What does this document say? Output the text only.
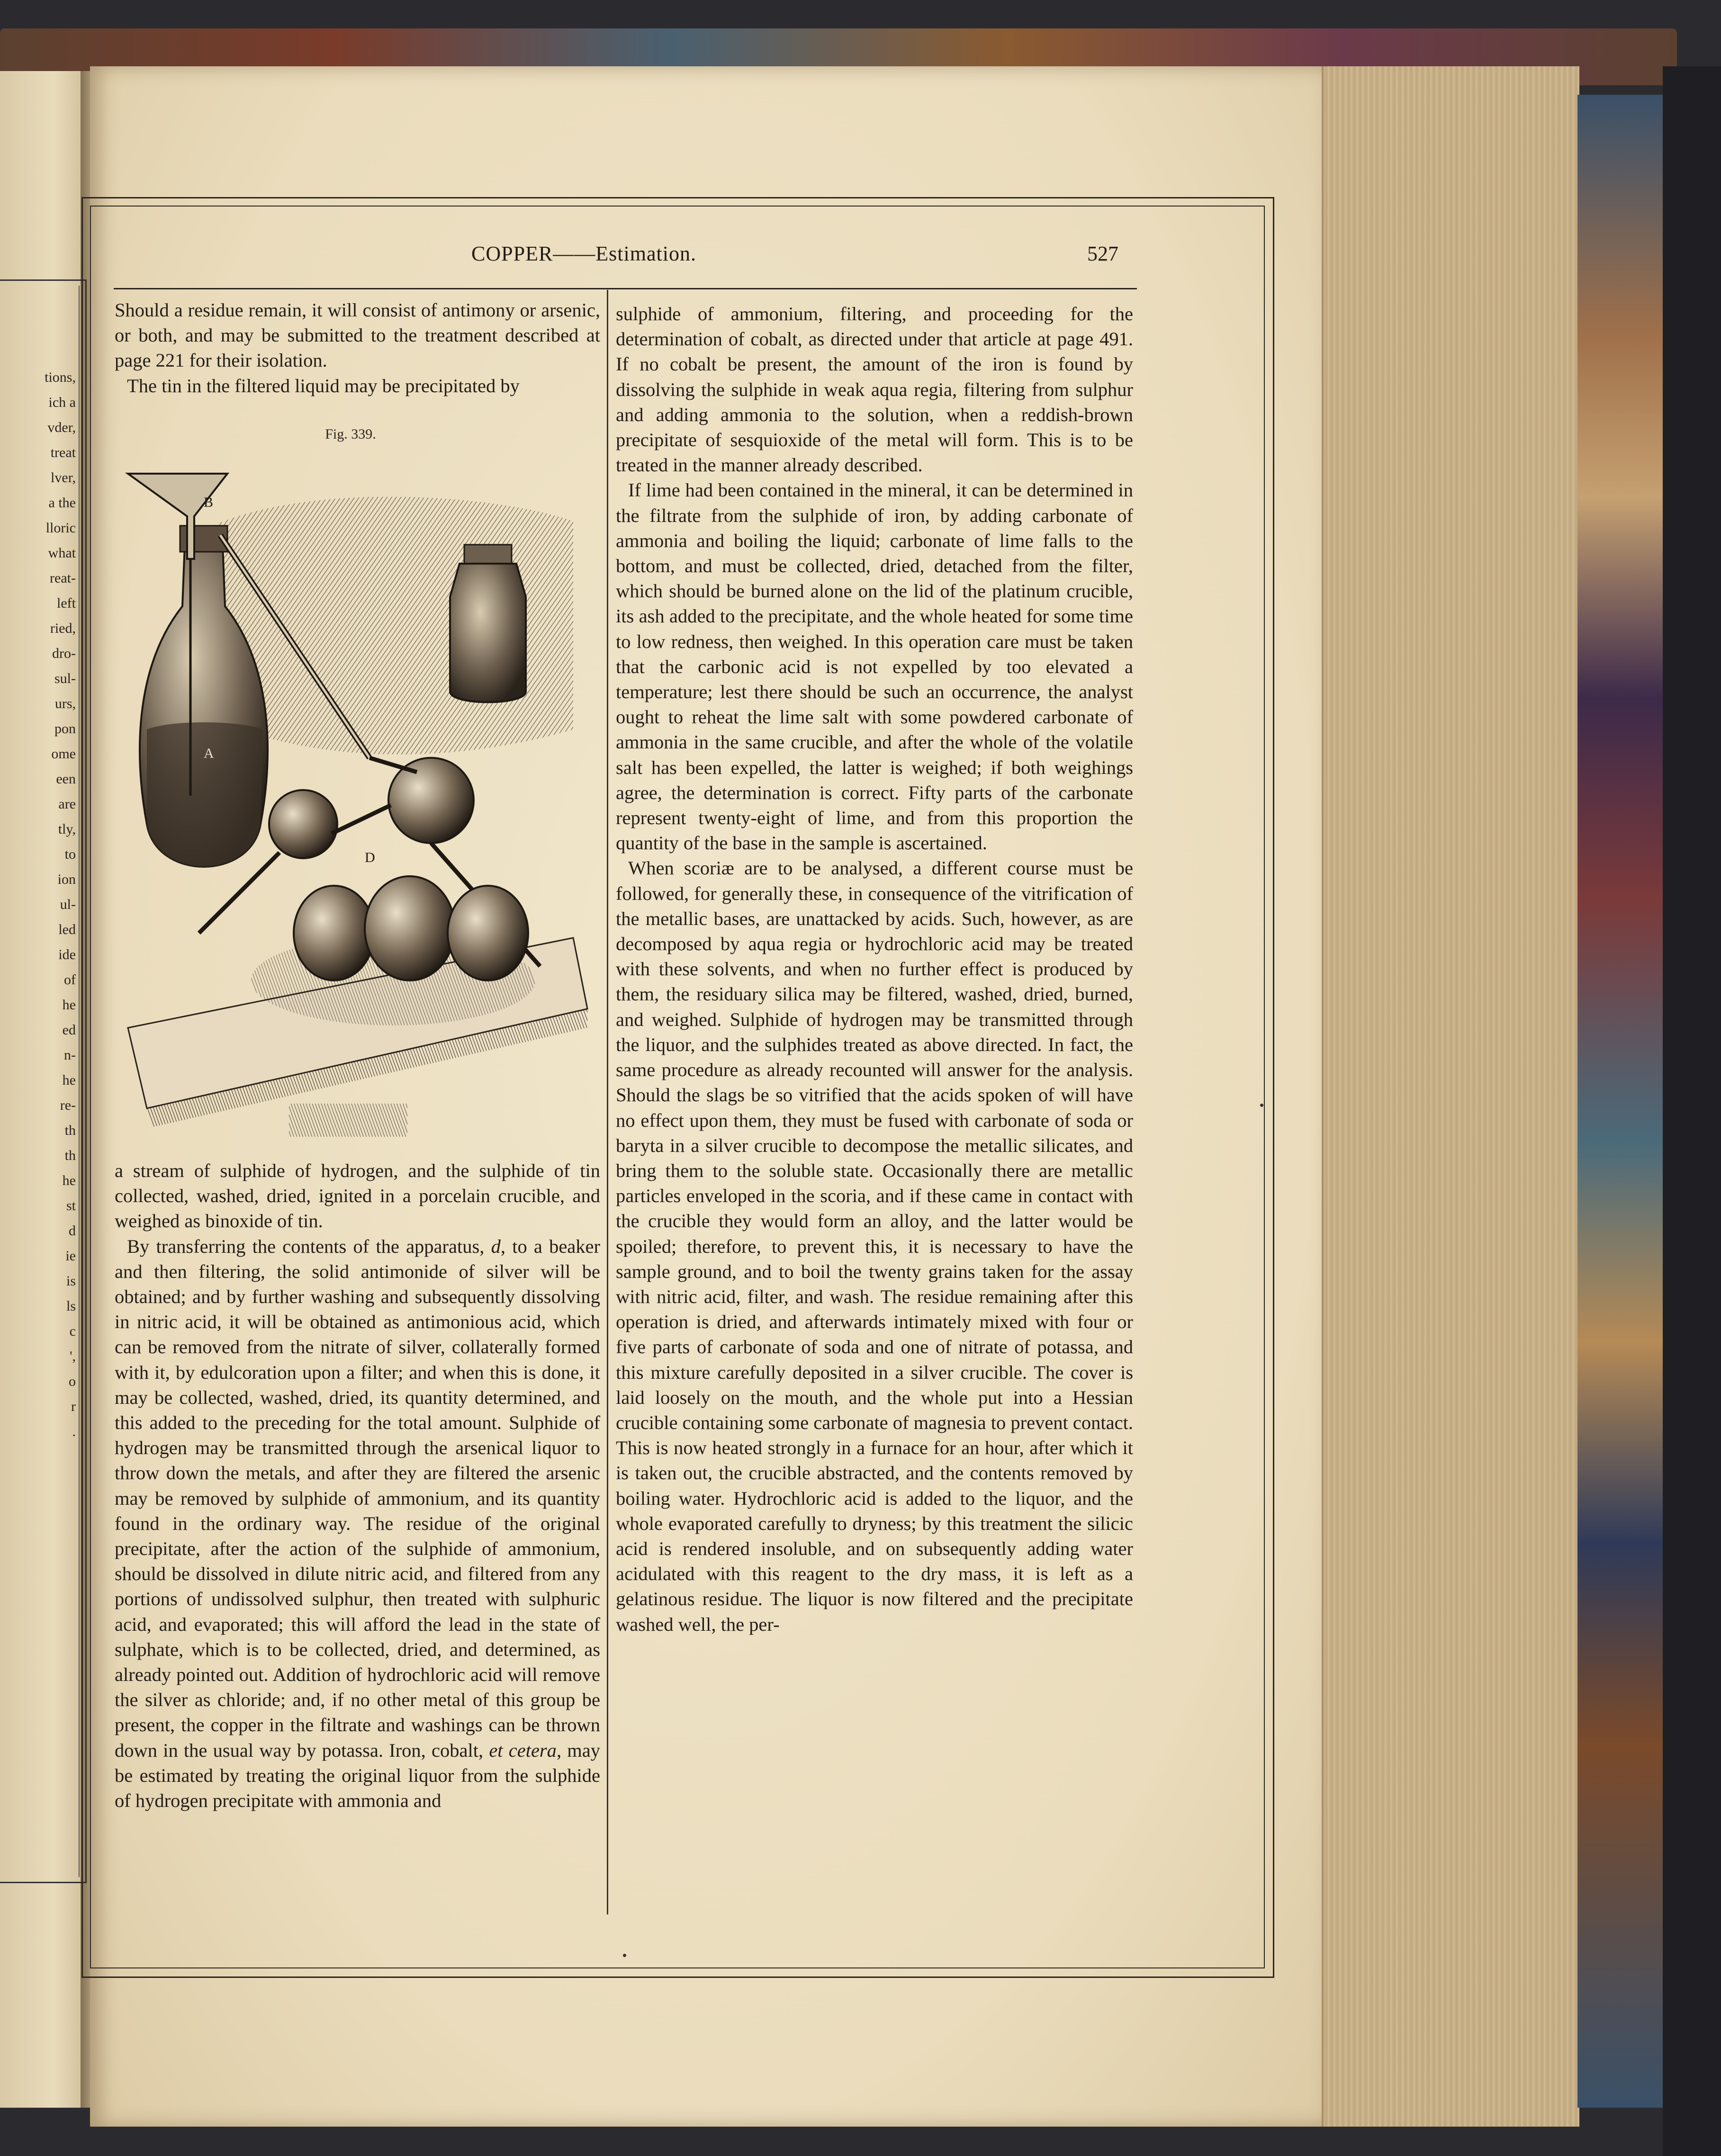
tions,
ich a
vder,
treat
lver,
a the
lloric
what
reat-
left
ried,
dro-
sul-
urs,
pon
ome
een
are
tly,
to
ion
ul-
led
ide
of
he
ed
n-
he
re-
th
th
he
st
d
ie
is
ls
c
',
o
r
.
COPPER——Estimation.	527

Should a residue remain, it will consist of antimony or arsenic, or both, and may be submitted to the treatment described at page 221 for their isolation.

The tin in the filtered liquid may be precipitated by

Fig. 339.
B
A
D

a stream of sulphide of hydrogen, and the sulphide of tin collected, washed, dried, ignited in a porcelain crucible, and weighed as binoxide of tin.

By transferring the contents of the apparatus, d, to a beaker and then filtering, the solid antimonide of silver will be obtained; and by further washing and subsequently dissolving in nitric acid, it will be obtained as antimonious acid, which can be removed from the nitrate of silver, collaterally formed with it, by edulcoration upon a filter; and when this is done, it may be collected, washed, dried, its quantity determined, and this added to the preceding for the total amount. Sulphide of hydrogen may be transmitted through the arsenical liquor to throw down the metals, and after they are filtered the arsenic may be removed by sulphide of ammonium, and its quantity found in the ordinary way. The residue of the original precipitate, after the action of the sulphide of ammonium, should be dissolved in dilute nitric acid, and filtered from any portions of undissolved sulphur, then treated with sulphuric acid, and evaporated; this will afford the lead in the state of sulphate, which is to be collected, dried, and determined, as already pointed out. Addition of hydrochloric acid will remove the silver as chloride; and, if no other metal of this group be present, the copper in the filtrate and washings can be thrown down in the usual way by potassa. Iron, cobalt, et cetera, may be estimated by treating the original liquor from the sulphide of hydrogen precipitate with ammonia and

sulphide of ammonium, filtering, and proceeding for the determination of cobalt, as directed under that article at page 491. If no cobalt be present, the amount of the iron is found by dissolving the sulphide in weak aqua regia, filtering from sulphur and adding ammonia to the solution, when a reddish-brown precipitate of sesquioxide of the metal will form. This is to be treated in the manner already described.

If lime had been contained in the mineral, it can be determined in the filtrate from the sulphide of iron, by adding carbonate of ammonia and boiling the liquid; carbonate of lime falls to the bottom, and must be collected, dried, detached from the filter, which should be burned alone on the lid of the platinum crucible, its ash added to the precipitate, and the whole heated for some time to low redness, then weighed. In this operation care must be taken that the carbonic acid is not expelled by too elevated a temperature; lest there should be such an occurrence, the analyst ought to reheat the lime salt with some powdered carbonate of ammonia in the same crucible, and after the whole of the volatile salt has been expelled, the latter is weighed; if both weighings agree, the determination is correct. Fifty parts of the carbonate represent twenty-eight of lime, and from this proportion the quantity of the base in the sample is ascertained.

When scoriæ are to be analysed, a different course must be followed, for generally these, in consequence of the vitrification of the metallic bases, are unattacked by acids. Such, however, as are decomposed by aqua regia or hydrochloric acid may be treated with these solvents, and when no further effect is produced by them, the residuary silica may be filtered, washed, dried, burned, and weighed. Sulphide of hydrogen may be transmitted through the liquor, and the sulphides treated as above directed. In fact, the same procedure as already recounted will answer for the analysis. Should the slags be so vitrified that the acids spoken of will have no effect upon them, they must be fused with carbonate of soda or baryta in a silver crucible to decompose the metallic silicates, and bring them to the soluble state. Occasionally there are metallic particles enveloped in the scoria, and if these came in contact with the crucible they would form an alloy, and the latter would be spoiled; therefore, to prevent this, it is necessary to have the sample ground, and to boil the twenty grains taken for the assay with nitric acid, filter, and wash. The residue remaining after this operation is dried, and afterwards intimately mixed with four or five parts of carbonate of soda and one of nitrate of potassa, and this mixture carefully deposited in a silver crucible. The cover is laid loosely on the mouth, and the whole put into a Hessian crucible containing some carbonate of magnesia to prevent contact. This is now heated strongly in a furnace for an hour, after which it is taken out, the crucible abstracted, and the contents removed by boiling water. Hydrochloric acid is added to the liquor, and the whole evaporated carefully to dryness; by this treatment the silicic acid is rendered insoluble, and on subsequently adding water acidulated with this reagent to the dry mass, it is left as a gelatinous residue. The liquor is now filtered and the precipitate washed well, the per-
